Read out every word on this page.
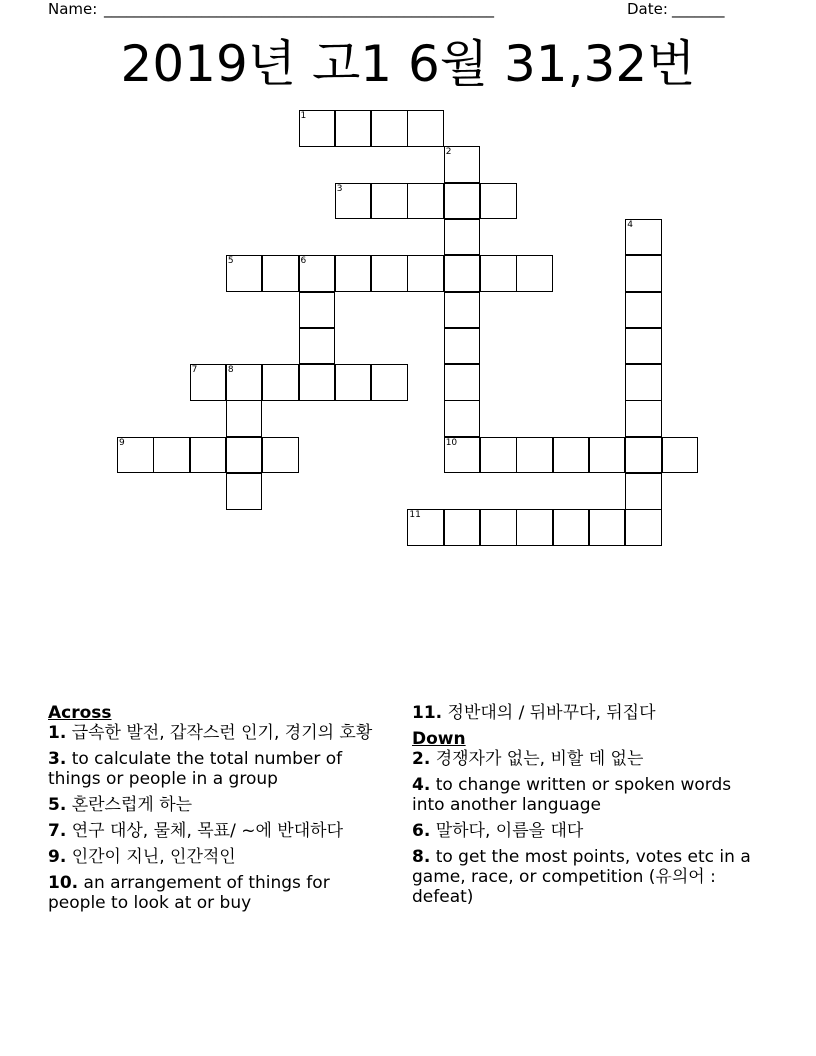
Name: ____________________________________________________	Date: _______
2019년 고1 6월 31,32번
1
2
10
3
4
5	6
7	8
9
11
Across
1. 급속한 발전, 갑작스런 인기, 경기의 호황
3. to calculate the total number of things or people in a group
5. 혼란스럽게 하는
7. 연구 대상, 물체, 목표/ ~에 반대하다
9. 인간이 지닌, 인간적인
10. an arrangement of things for people to look at or buy
11. 정반대의 / 뒤바꾸다, 뒤집다
Down
2. 경쟁자가 없는, 비할 데 없는
4. to change written or spoken words into another language
6. 말하다, 이름을 대다
8. to get the most points, votes etc in a game, race, or competition (유의어 : defeat)
